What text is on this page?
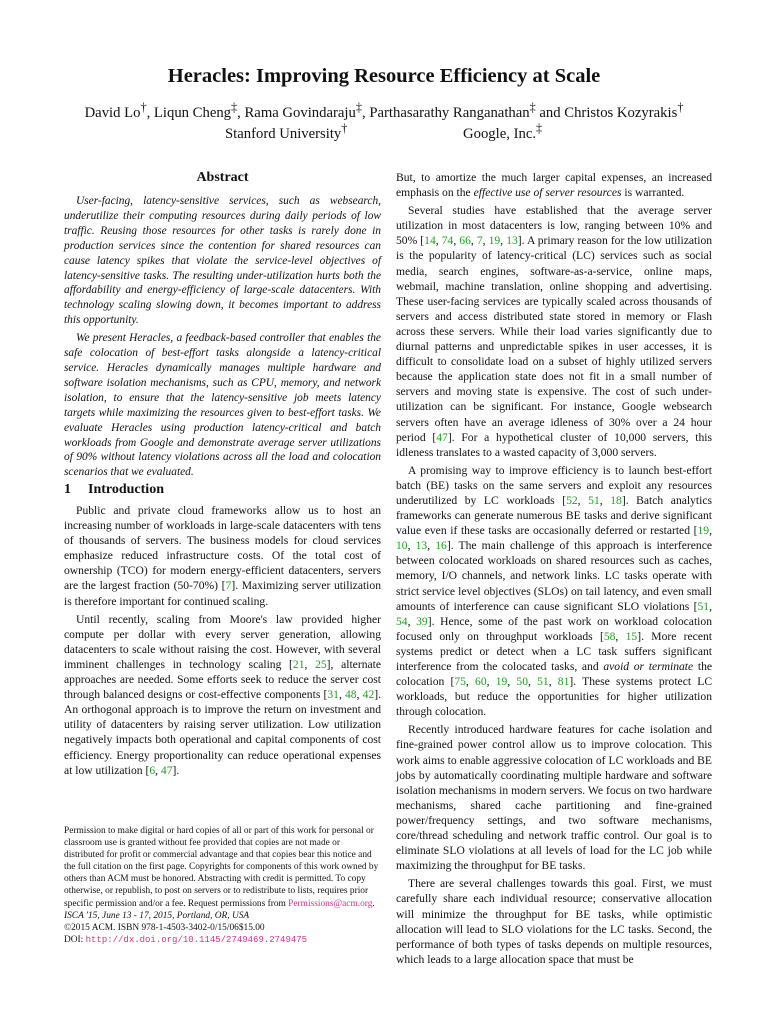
Heracles: Improving Resource Efficiency at Scale
David Lo†, Liqun Cheng‡, Rama Govindaraju‡, Parthasarathy Ranganathan‡ and Christos Kozyrakis†
Stanford University†	Google, Inc.‡
Abstract

User-facing, latency-sensitive services, such as websearch, underutilize their computing resources during daily periods of low traffic. Reusing those resources for other tasks is rarely done in production services since the contention for shared resources can cause latency spikes that violate the service-level objectives of latency-sensitive tasks. The resulting under-utilization hurts both the affordability and energy-efficiency of large-scale datacenters. With technology scaling slowing down, it becomes important to address this opportunity.

We present Heracles, a feedback-based controller that enables the safe colocation of best-effort tasks alongside a latency-critical service. Heracles dynamically manages multiple hardware and software isolation mechanisms, such as CPU, memory, and network isolation, to ensure that the latency-sensitive job meets latency targets while maximizing the resources given to best-effort tasks. We evaluate Heracles using production latency-critical and batch workloads from Google and demonstrate average server utilizations of 90% without latency violations across all the load and colocation scenarios that we evaluated.

1 Introduction

Public and private cloud frameworks allow us to host an increasing number of workloads in large-scale datacenters with tens of thousands of servers. The business models for cloud services emphasize reduced infrastructure costs. Of the total cost of ownership (TCO) for modern energy-efficient datacenters, servers are the largest fraction (50-70%) [7]. Maximizing server utilization is therefore important for continued scaling.

Until recently, scaling from Moore's law provided higher compute per dollar with every server generation, allowing datacenters to scale without raising the cost. However, with several imminent challenges in technology scaling [21, 25], alternate approaches are needed. Some efforts seek to reduce the server cost through balanced designs or cost-effective components [31, 48, 42]. An orthogonal approach is to improve the return on investment and utility of datacenters by raising server utilization. Low utilization negatively impacts both operational and capital components of cost efficiency. Energy proportionality can reduce operational expenses at low utilization [6, 47].

Permission to make digital or hard copies of all or part of this work for personal or classroom use is granted without fee provided that copies are not made or distributed for profit or commercial advantage and that copies bear this notice and the full citation on the first page. Copyrights for components of this work owned by others than ACM must be honored. Abstracting with credit is permitted. To copy otherwise, or republish, to post on servers or to redistribute to lists, requires prior specific permission and/or a fee. Request permissions from Permissions@acm.org.
ISCA '15, June 13 - 17, 2015, Portland, OR, USA
©2015 ACM. ISBN 978-1-4503-3402-0/15/06$15.00
DOI: http://dx.doi.org/10.1145/2749469.2749475

But, to amortize the much larger capital expenses, an increased emphasis on the effective use of server resources is warranted.

Several studies have established that the average server utilization in most datacenters is low, ranging between 10% and 50% [14, 74, 66, 7, 19, 13]. A primary reason for the low utilization is the popularity of latency-critical (LC) services such as social media, search engines, software-as-a-service, online maps, webmail, machine translation, online shopping and advertising. These user-facing services are typically scaled across thousands of servers and access distributed state stored in memory or Flash across these servers. While their load varies significantly due to diurnal patterns and unpredictable spikes in user accesses, it is difficult to consolidate load on a subset of highly utilized servers because the application state does not fit in a small number of servers and moving state is expensive. The cost of such under-utilization can be significant. For instance, Google websearch servers often have an average idleness of 30% over a 24 hour period [47]. For a hypothetical cluster of 10,000 servers, this idleness translates to a wasted capacity of 3,000 servers.

A promising way to improve efficiency is to launch best-effort batch (BE) tasks on the same servers and exploit any resources underutilized by LC workloads [52, 51, 18]. Batch analytics frameworks can generate numerous BE tasks and derive significant value even if these tasks are occasionally deferred or restarted [19, 10, 13, 16]. The main challenge of this approach is interference between colocated workloads on shared resources such as caches, memory, I/O channels, and network links. LC tasks operate with strict service level objectives (SLOs) on tail latency, and even small amounts of interference can cause significant SLO violations [51, 54, 39]. Hence, some of the past work on workload colocation focused only on throughput workloads [58, 15]. More recent systems predict or detect when a LC task suffers significant interference from the colocated tasks, and avoid or terminate the colocation [75, 60, 19, 50, 51, 81]. These systems protect LC workloads, but reduce the opportunities for higher utilization through colocation.

Recently introduced hardware features for cache isolation and fine-grained power control allow us to improve colocation. This work aims to enable aggressive colocation of LC workloads and BE jobs by automatically coordinating multiple hardware and software isolation mechanisms in modern servers. We focus on two hardware mechanisms, shared cache partitioning and fine-grained power/frequency settings, and two software mechanisms, core/thread scheduling and network traffic control. Our goal is to eliminate SLO violations at all levels of load for the LC job while maximizing the throughput for BE tasks.

There are several challenges towards this goal. First, we must carefully share each individual resource; conservative allocation will minimize the throughput for BE tasks, while optimistic allocation will lead to SLO violations for the LC tasks. Second, the performance of both types of tasks depends on multiple resources, which leads to a large allocation space that must be
